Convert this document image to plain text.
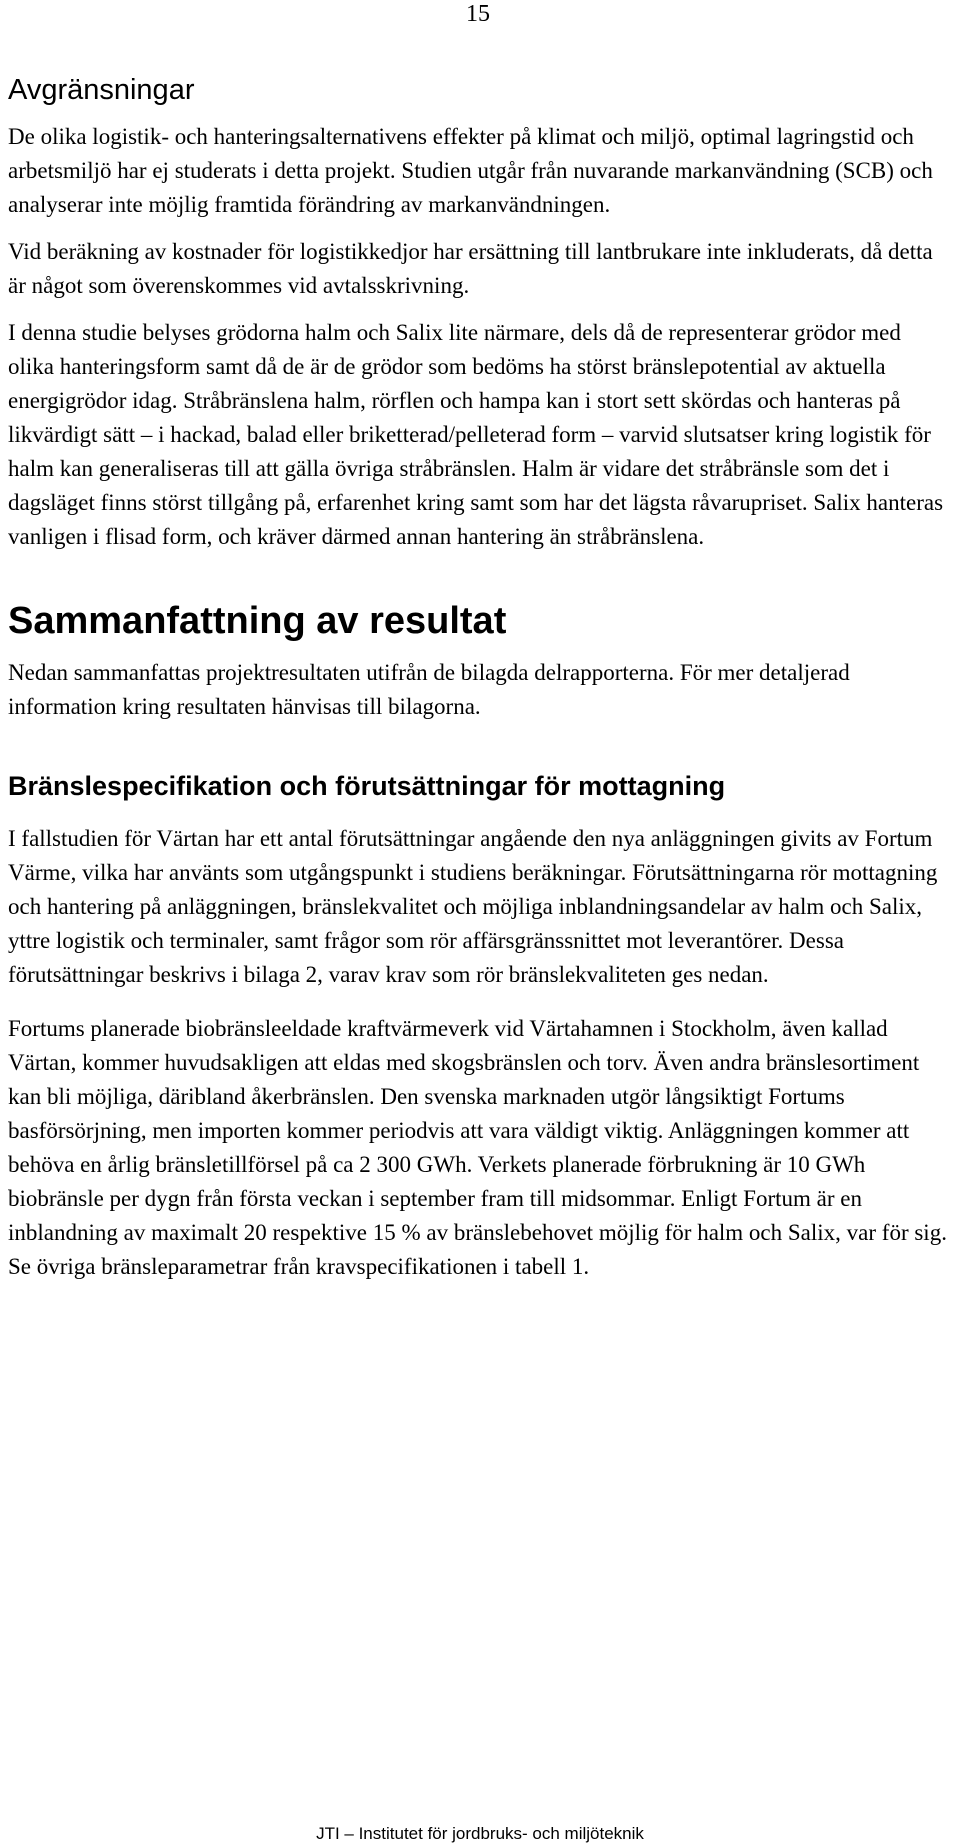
15
Avgränsningar

De olika logistik- och hanteringsalternativens effekter på klimat och miljö, optimal lagringstid och arbetsmiljö har ej studerats i detta projekt. Studien utgår från nuvarande markanvändning (SCB) och analyserar inte möjlig framtida förändring av markanvändningen.

Vid beräkning av kostnader för logistikkedjor har ersättning till lantbrukare inte inkluderats, då detta är något som överenskommes vid avtalsskrivning.

I denna studie belyses grödorna halm och Salix lite närmare, dels då de representerar grödor med olika hanteringsform samt då de är de grödor som bedöms ha störst bränslepotential av aktuella energigrödor idag. Stråbränslena halm, rörflen och hampa kan i stort sett skördas och hanteras på likvärdigt sätt – i hackad, balad eller briketterad/pelleterad form – varvid slutsatser kring logistik för halm kan generaliseras till att gälla övriga stråbränslen. Halm är vidare det stråbränsle som det i dagsläget finns störst tillgång på, erfarenhet kring samt som har det lägsta råvarupriset. Salix hanteras vanligen i flisad form, och kräver därmed annan hantering än stråbränslena.

Sammanfattning av resultat

Nedan sammanfattas projektresultaten utifrån de bilagda delrapporterna. För mer detaljerad information kring resultaten hänvisas till bilagorna.

Bränslespecifikation och förutsättningar för mottagning

I fallstudien för Värtan har ett antal förutsättningar angående den nya anläggningen givits av Fortum Värme, vilka har använts som utgångspunkt i studiens beräkningar. Förutsättningarna rör mottagning och hantering på anläggningen, bränslekvalitet och möjliga inblandningsandelar av halm och Salix, yttre logistik och terminaler, samt frågor som rör affärsgränssnittet mot leverantörer. Dessa förutsättningar beskrivs i bilaga 2, varav krav som rör bränslekvaliteten ges nedan.

Fortums planerade biobränsleeldade kraftvärmeverk vid Värtahamnen i Stockholm, även kallad Värtan, kommer huvudsakligen att eldas med skogsbränslen och torv. Även andra bränslesortiment kan bli möjliga, däribland åkerbränslen. Den svenska marknaden utgör långsiktigt Fortums basförsörjning, men importen kommer periodvis att vara väldigt viktig. Anläggningen kommer att behöva en årlig bränsletillförsel på ca 2 300 GWh. Verkets planerade förbrukning är 10 GWh biobränsle per dygn från första veckan i september fram till midsommar. Enligt Fortum är en inblandning av maximalt 20 respektive 15 % av bränslebehovet möjlig för halm och Salix, var för sig. Se övriga bränsleparametrar från kravspecifikationen i tabell 1.

JTI – Institutet för jordbruks- och miljöteknik
